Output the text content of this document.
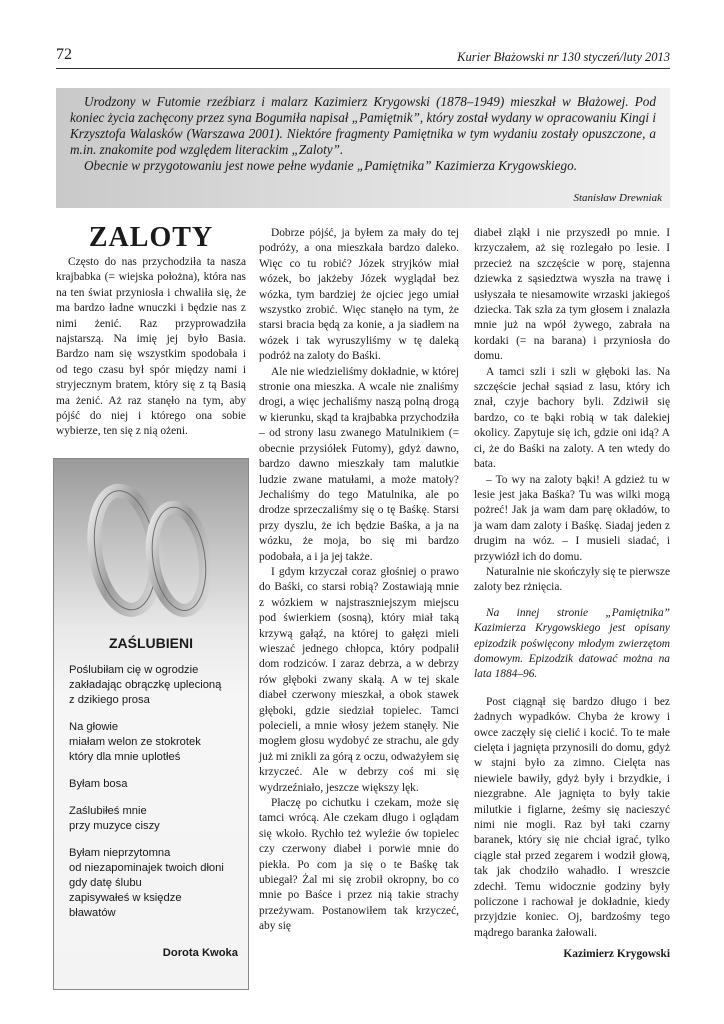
72	Kurier Błażowski nr 130 styczeń/luty 2013

Urodzony w Futomie rzeźbiarz i malarz Kazimierz Krygowski (1878–1949) mieszkał w Błażowej. Pod koniec życia zachęcony przez syna Bogumiła napisał „Pamiętnik”, który został wydany w opracowaniu Kingi i Krzysztofa Walasków (Warszawa 2001). Niektóre fragmenty Pamiętnika w tym wydaniu zostały opuszczone, a m.in. znakomite pod względem literackim „Zaloty”.

Obecnie w przygotowaniu jest nowe pełne wydanie „Pamiętnika” Kazimierza Krygowskiego.

Stanisław Drewniak
ZALOTY

Często do nas przychodziła ta nasza krajbabka (= wiejska położna), która nas na ten świat przyniosła i chwaliła się, że ma bardzo ładne wnuczki i będzie nas z nimi żenić. Raz przyprowadziła najstarszą. Na imię jej było Basia. Bardzo nam się wszystkim spodobała i od tego czasu był spór między nami i stryjecznym bratem, który się z tą Basią ma żenić. Aż raz stanęło na tym, aby pójść do niej i którego ona sobie wybierze, ten się z nią ożeni.

ZAŚLUBIENI
Poślubiłam cię w ogrodzie
zakładając obrączkę uplecioną
z dzikiego prosa
Na głowie
miałam welon ze stokrotek
który dla mnie uplotłeś
Byłam bosa
Zaślubiłeś mnie
przy muzyce ciszy
Byłam nieprzytomna
od niezapominajek twoich dłoni
gdy datę ślubu
zapisywałeś w księdze
bławatów
Dorota Kwoka

Dobrze pójść, ja byłem za mały do tej podróży, a ona mieszkała bardzo daleko. Więc co tu robić? Józek stryjków miał wózek, bo jakżeby Józek wyglądał bez wózka, tym bardziej że ojciec jego umiał wszystko zrobić. Więc stanęło na tym, że starsi bracia będą za konie, a ja siadłem na wózek i tak wyruszyliśmy w tę daleką podróż na zaloty do Baśki.

Ale nie wiedzieliśmy dokładnie, w której stronie ona mieszka. A wcale nie znaliśmy drogi, a więc jechaliśmy naszą polną drogą w kierunku, skąd ta krajbabka przychodziła – od strony lasu zwanego Matulnikiem (= obecnie przysiółek Futomy), gdyż dawno, bardzo dawno mieszkały tam malutkie ludzie zwane matułami, a może matoły? Jechaliśmy do tego Matulnika, ale po drodze sprzeczaliśmy się o tę Baśkę. Starsi przy dyszlu, że ich będzie Baśka, a ja na wózku, że moja, bo się mi bardzo podobała, a i ja jej także.

I gdym krzyczał coraz głośniej o prawo do Baśki, co starsi robią? Zostawiają mnie z wózkiem w najstraszniejszym miejscu pod świerkiem (sosną), który miał taką krzywą gałąź, na której to gałęzi mieli wieszać jednego chłopca, który podpalił dom rodziców. I zaraz debrza, a w debrzy rów głęboki zwany skałą. A w tej skale diabeł czerwony mieszkał, a obok stawek głęboki, gdzie siedział topielec. Tamci polecieli, a mnie włosy jeżem stanęły. Nie mogłem głosu wydobyć ze strachu, ale gdy już mi znikli za górą z oczu, odważyłem się krzyczeć. Ale w debrzy coś mi się wydrzeźniało, jeszcze większy lęk.

Płaczę po cichutku i czekam, może się tamci wrócą. Ale czekam długo i oglądam się wkoło. Rychło też wyleźie ów topielec czy czerwony diabeł i porwie mnie do piekła. Po com ja się o te Baśkę tak ubiegał? Żal mi się zrobił okropny, bo co mnie po Baśce i przez nią takie strachy przeżywam. Postanowiłem tak krzyczeć, aby się

diabeł zląkł i nie przyszedł po mnie. I krzyczałem, aż się rozlegało po lesie. I przecież na szczęście w porę, stajenna dziewka z sąsiedztwa wyszła na trawę i usłyszała te niesamowite wrzaski jakiegoś dziecka. Tak szła za tym głosem i znalazła mnie już na wpół żywego, zabrała na kordaki (= na barana) i przyniosła do domu.

A tamci szli i szli w głęboki las. Na szczęście jechał sąsiad z lasu, który ich znał, czyje bachory byli. Zdziwił się bardzo, co te bąki robią w tak dalekiej okolicy. Zapytuje się ich, gdzie oni idą? A ci, że do Baśki na zaloty. A ten wtedy do bata.

– To wy na zaloty bąki! A gdzież tu w lesie jest jaka Baśka? Tu was wilki mogą pożreć! Jak ja wam dam parę okładów, to ja wam dam zaloty i Baśkę. Siadaj jeden z drugim na wóz. – I musieli siadać, i przywiózł ich do domu.

Naturalnie nie skończyły się te pierwsze zaloty bez rżnięcia.

Na innej stronie „Pamiętnika” Kazimierza Krygowskiego jest opisany epizodzik poświęcony młodym zwierzętom domowym. Epizodzik datować można na lata 1884–96.

Post ciągnął się bardzo długo i bez żadnych wypadków. Chyba że krowy i owce zaczęły się cielić i kocić. To te małe cielęta i jagnięta przynosili do domu, gdyż w stajni było za zimno. Cielęta nas niewiele bawiły, gdyż były i brzydkie, i niezgrabne. Ale jagnięta to były takie milutkie i figlarne, żeśmy się nacieszyć nimi nie mogli. Raz był taki czarny baranek, który się nie chciał igrać, tylko ciągle stał przed zegarem i wodził głową, tak jak chodziło wahadło. I wreszcie zdechł. Temu widocznie godziny były policzone i rachował je dokładnie, kiedy przyjdzie koniec. Oj, bardzośmy tego mądrego baranka żałowali.

Kazimierz Krygowski
